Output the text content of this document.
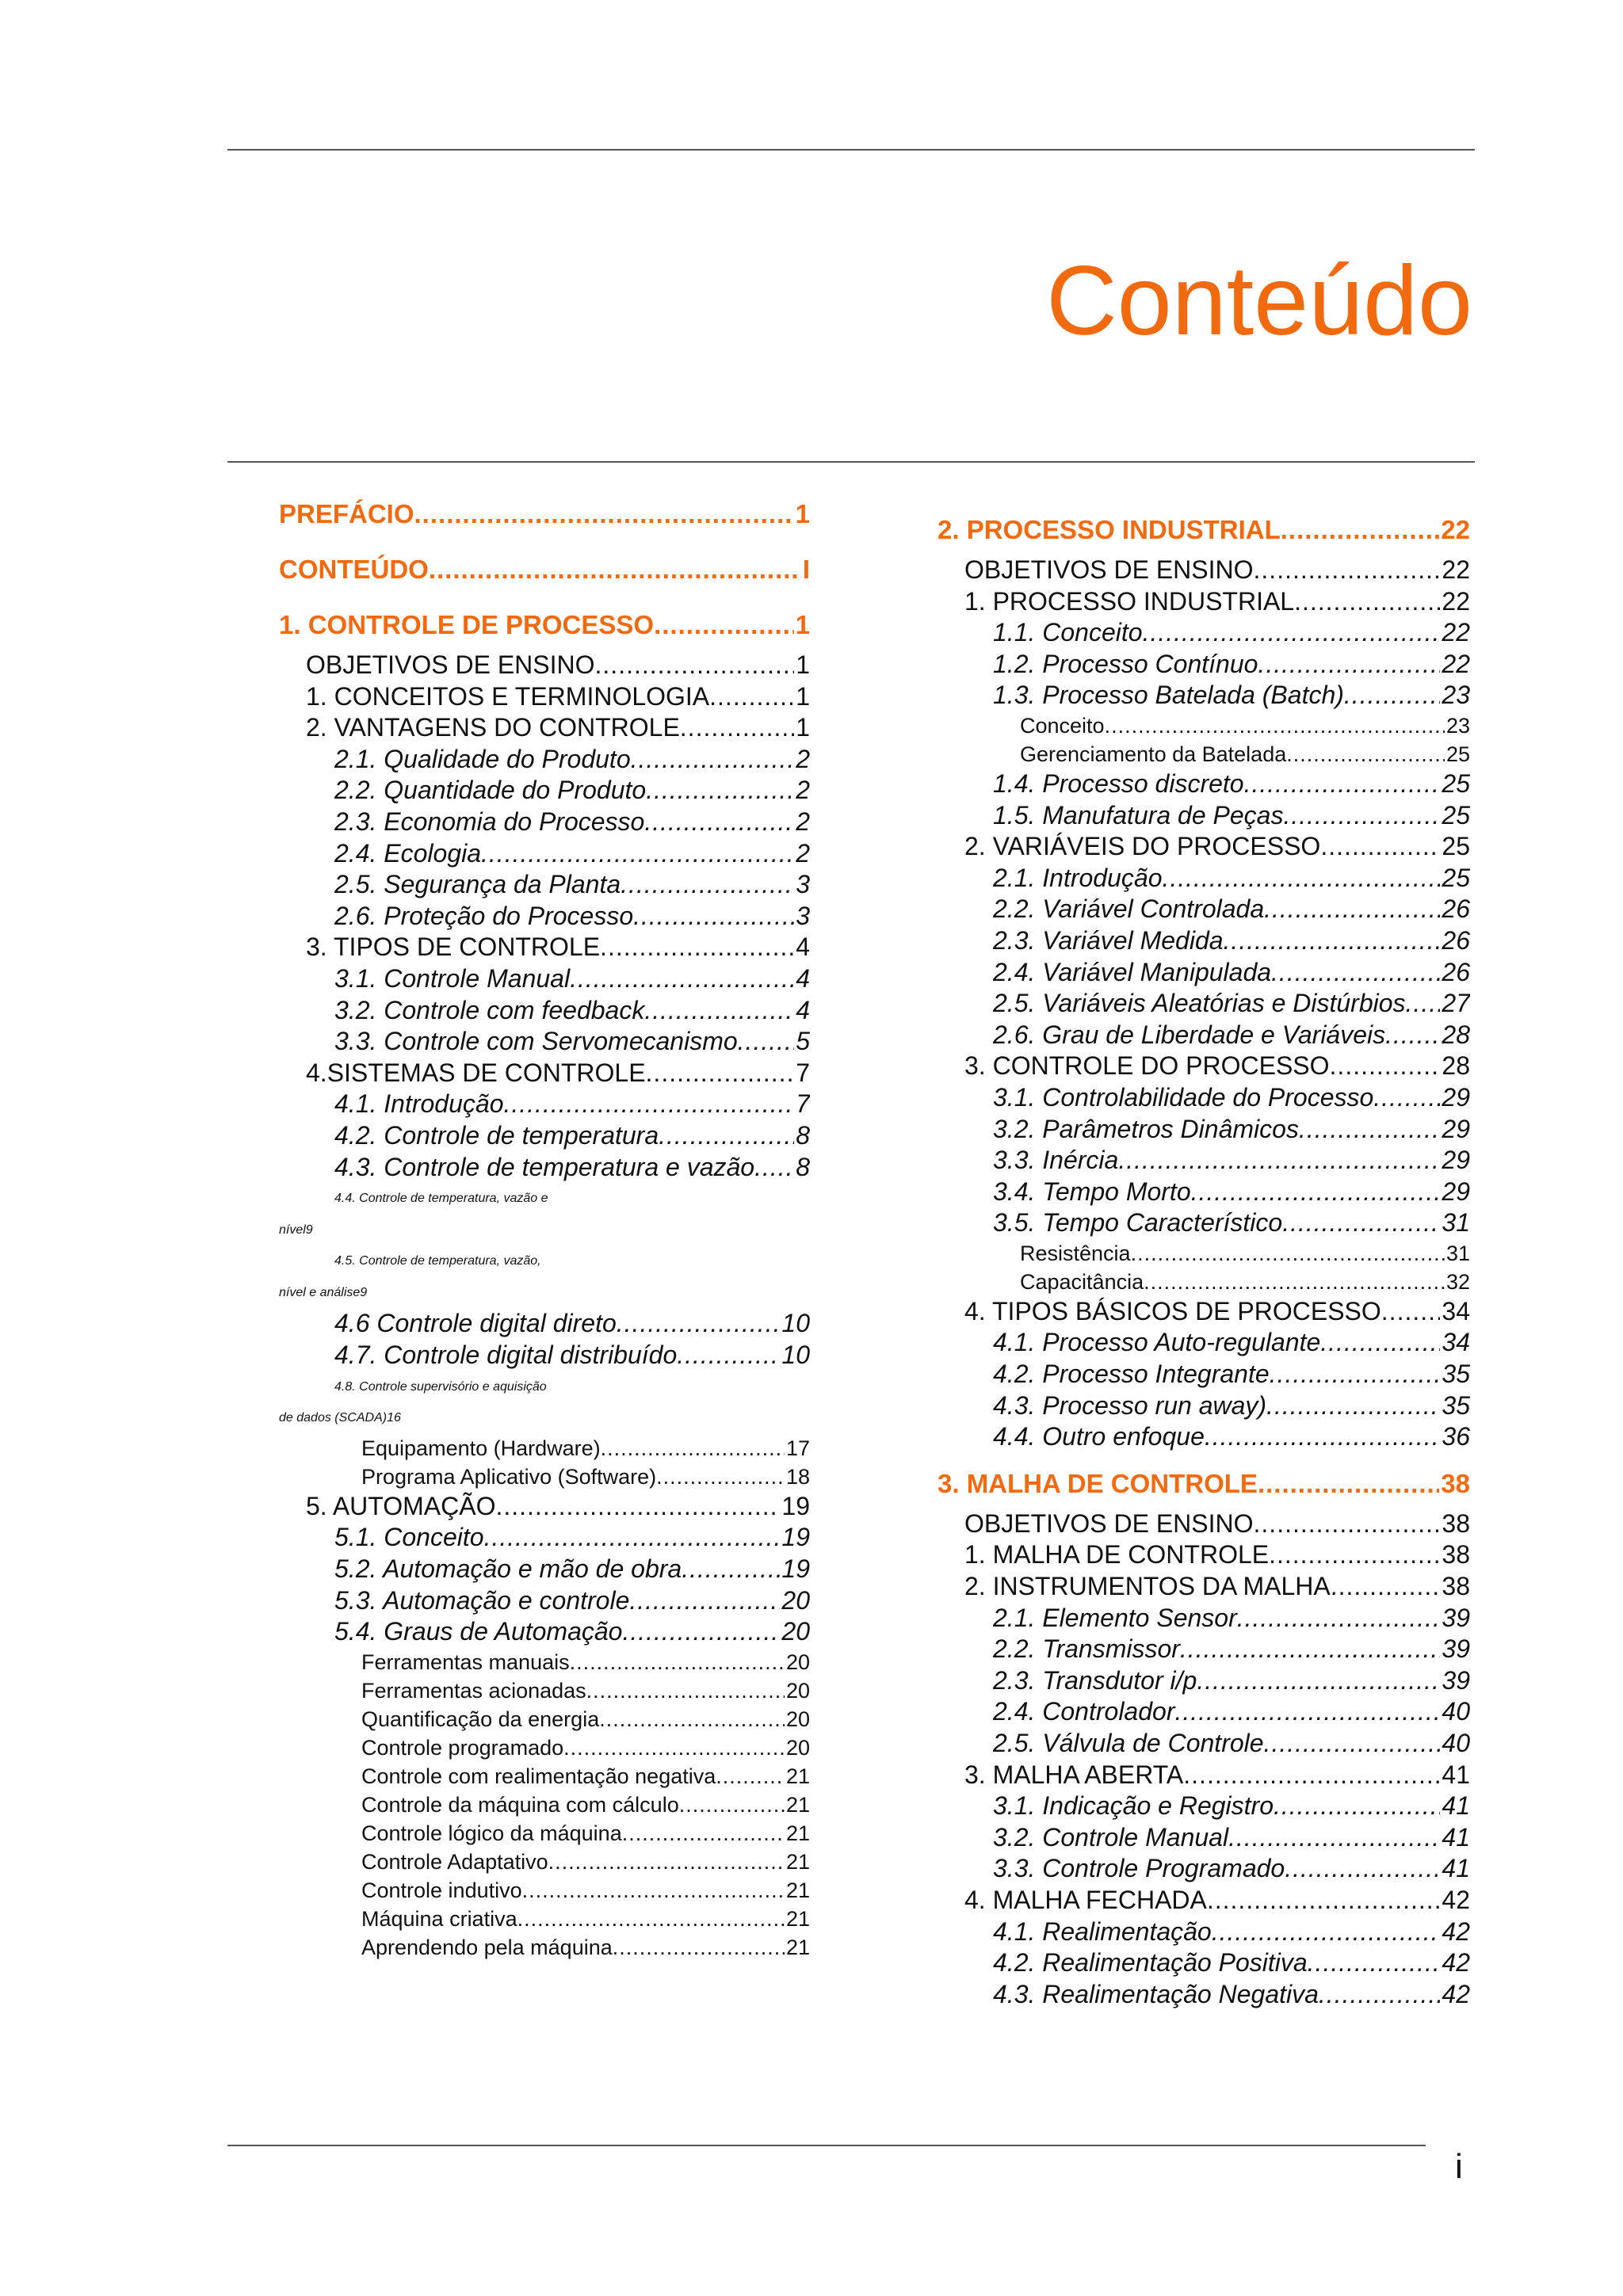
Conteúdo
PREFÁCIO .....	1
CONTEÚDO .....	I
1. CONTROLE DE PROCESSO .....	1
OBJETIVOS DE ENSINO .....	1
1. CONCEITOS E TERMINOLOGIA .....	1
2. VANTAGENS DO CONTROLE .....	1
2.1. Qualidade do Produto .....	2
2.2. Quantidade do Produto .....	2
2.3. Economia do Processo .....	2
2.4. Ecologia .....	2
2.5. Segurança da Planta .....	3
2.6. Proteção do Processo .....	3
3. TIPOS DE CONTROLE .....	4
3.1. Controle Manual .....	4
3.2. Controle com feedback .....	4
3.3. Controle com Servomecanismo ..... 5
4.SISTEMAS DE CONTROLE .....	7
4.1. Introdução .....	7
4.2. Controle de temperatura .....	8
4.3. Controle de temperatura e vazão ..... 8
4.4. Controle de temperatura, vazão e
nível 9
4.5. Controle de temperatura, vazão,
nível e análise 9
4.6 Controle digital direto .....	10
4.7. Controle digital distribuído .....	10
4.8. Controle supervisório e aquisição
de dados (SCADA) 16
Equipamento (Hardware) .....	17
Programa Aplicativo (Software) .....	18
5. AUTOMAÇÃO .....	19
5.1. Conceito .....	19
5.2. Automação e mão de obra .....	19
5.3. Automação e controle .....	20
5.4. Graus de Automação .....	20
Ferramentas manuais .....	20
Ferramentas acionadas .....	20
Quantificação da energia .....	20
Controle programado .....	20
Controle com realimentação negativa .....	21
Controle da máquina com cálculo .....	21
Controle lógico da máquina .....	21
Controle Adaptativo .....	21
Controle indutivo .....	21
Máquina criativa .....	21
Aprendendo pela máquina .....	21
2. PROCESSO INDUSTRIAL .....	22
OBJETIVOS DE ENSINO .....	22
1. PROCESSO INDUSTRIAL .....	22
1.1. Conceito .....	22
1.2. Processo Contínuo .....	22
1.3. Processo Batelada (Batch) .....	23
Conceito .....	23
Gerenciamento da Batelada .....	25
1.4. Processo discreto .....	25
1.5. Manufatura de Peças .....	25
2. VARIÁVEIS DO PROCESSO .....	25
2.1. Introdução .....	25
2.2. Variável Controlada .....	26
2.3. Variável Medida .....	26
2.4. Variável Manipulada .....	26
2.5. Variáveis Aleatórias e Distúrbios ..... 27
2.6. Grau de Liberdade e Variáveis ..... 28
3. CONTROLE DO PROCESSO .....	28
3.1. Controlabilidade do Processo .....	29
3.2. Parâmetros Dinâmicos .....	29
3.3. Inércia .....	29
3.4. Tempo Morto .....	29
3.5. Tempo Característico .....	31
Resistência .....	31
Capacitância .....	32
4. TIPOS BÁSICOS DE PROCESSO ..... 34
4.1. Processo Auto-regulante .....	34
4.2. Processo Integrante .....	35
4.3. Processo run away) .....	35
4.4. Outro enfoque .....	36
3. MALHA DE CONTROLE .....	38
OBJETIVOS DE ENSINO .....	38
1. MALHA DE CONTROLE .....	38
2. INSTRUMENTOS DA MALHA .....	38
2.1. Elemento Sensor .....	39
2.2. Transmissor .....	39
2.3. Transdutor i/p .....	39
2.4. Controlador .....	40
2.5. Válvula de Controle .....	40
3. MALHA ABERTA .....	41
3.1. Indicação e Registro .....	41
3.2. Controle Manual .....	41
3.3. Controle Programado .....	41
4. MALHA FECHADA .....	42
4.1. Realimentação .....	42
4.2. Realimentação Positiva .....	42
4.3. Realimentação Negativa .....	42
i
